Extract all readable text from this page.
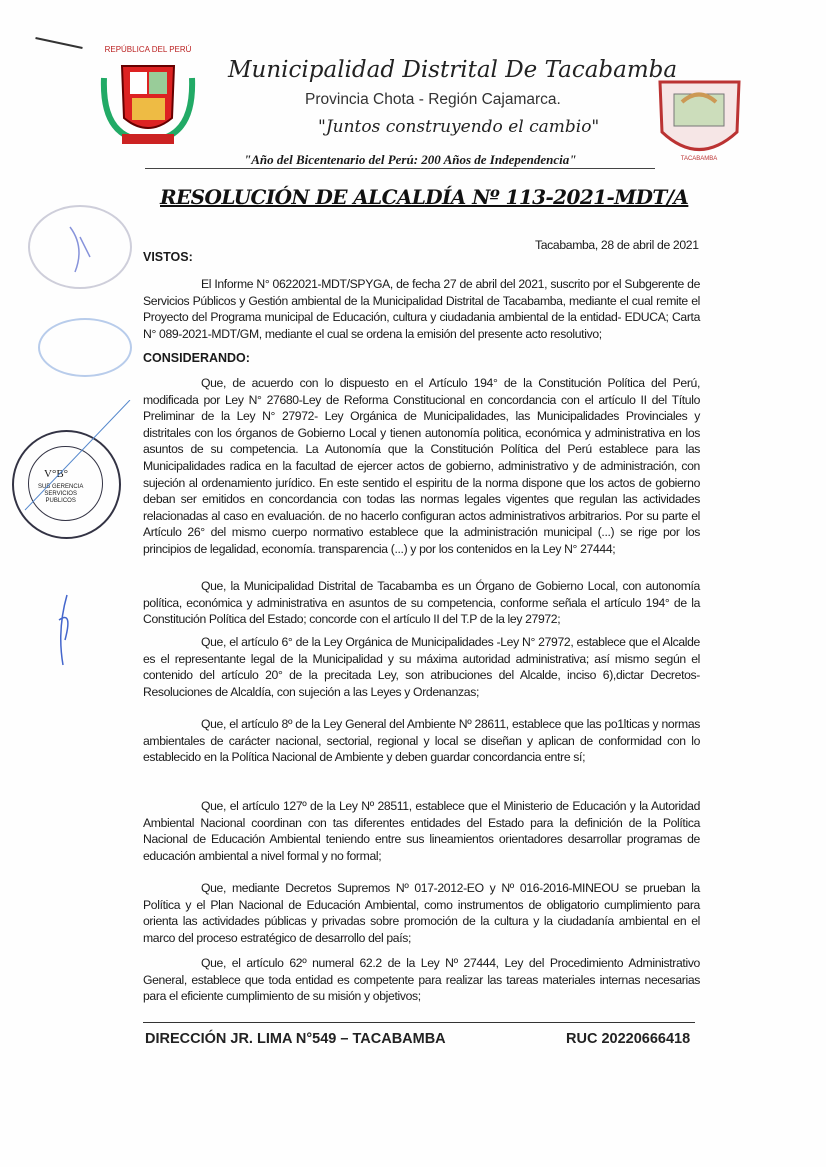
REPÚBLICA DEL PERÚ
TACABAMBA
Municipalidad Distrital De Tacabamba
Provincia Chota - Región Cajamarca.
"Juntos construyendo el cambio"
"Año del Bicentenario del Perú: 200 Años de Independencia"
RESOLUCIÓN DE ALCALDÍA Nº 113-2021-MDT/A
Tacabamba, 28 de abril de 2021
V°B°
SUB GERENCIA
SERVICIOS
PUBLICOS
VISTOS:
El Informe N° 0622021-MDT/SPYGA, de fecha 27 de abril del 2021, suscrito por el Subgerente de Servicios Públicos y Gestión ambiental de la Municipalidad Distrital de Tacabamba, mediante el cual remite el Proyecto del Programa municipal de Educación, cultura y ciudadania ambiental de la entidad- EDUCA; Carta N° 089-2021-MDT/GM, mediante el cual se ordena la emisión del presente acto resolutivo;
CONSIDERANDO:
Que, de acuerdo con lo dispuesto en el Artículo 194° de la Constitución Política del Perú, modificada por Ley N° 27680-Ley de Reforma Constitucional en concordancia con el artículo II del Título Preliminar de la Ley N° 27972- Ley Orgánica de Municipalidades, las Municipalidades Provinciales y distritales con los órganos de Gobierno Local y tienen autonomía politica, económica y administrativa en los asuntos de su competencia. La Autonomía que la Constitución Política del Perú establece para las Municipalidades radica en la facultad de ejercer actos de gobierno, administrativo y de administración, con sujeción al ordenamiento jurídico. En este sentido el espiritu de la norma dispone que los actos de gobierno deban ser emitidos en concordancia con todas las normas legales vigentes que regulan las actividades relacionadas al caso en evaluación. de no hacerlo configuran actos administrativos arbitrarios. Por su parte el Artículo 26° del mismo cuerpo normativo establece que la administración municipal (...) se rige por los principios de legalidad, economía. transparencia (...) y por los contenidos en la Ley N° 27444;
Que, la Municipalidad Distrital de Tacabamba es un Órgano de Gobierno Local, con autonomía política, económica y administrativa en asuntos de su competencia, conforme señala el artículo 194° de la Constitución Política del Estado; concorde con el artículo II del T.P de la ley 27972;
Que, el artículo 6° de la Ley Orgánica de Municipalidades -Ley N° 27972, establece que el Alcalde es el representante legal de la Municipalidad y su máxima autoridad administrativa; así mismo según el contenido del artículo 20° de la precitada Ley, son atribuciones del Alcalde, inciso 6),dictar Decretos-Resoluciones de Alcaldía, con sujeción a las Leyes y Ordenanzas;
Que, el artículo 8º de la Ley General del Ambiente Nº 28611, establece que las po1lticas y normas ambientales de carácter nacional, sectorial, regional y local se diseñan y aplican de conformidad con lo establecido en la Política Nacional de Ambiente y deben guardar concordancia entre sí;
Que, el artículo 127º de la Ley Nº 28511, establece que el Ministerio de Educación y la Autoridad Ambiental Nacional coordinan con tas diferentes entidades del Estado para la definición de la Política Nacional de Educación Ambiental teniendo entre sus lineamientos orientadores desarrollar programas de educación ambiental a nivel formal y no formal;
Que, mediante Decretos Supremos Nº 017-2012-EO y Nº 016-2016-MINEOU se prueban la Política y el Plan Nacional de Educación Ambiental, como instrumentos de obligatorio cumplimiento para orienta las actividades públicas y privadas sobre promoción de la cultura y la ciudadanía ambiental en el marco del proceso estratégico de desarrollo del país;
Que, el artículo 62º numeral 62.2 de la Ley Nº 27444, Ley del Procedimiento Administrativo General, establece que toda entidad es competente para realizar las tareas materiales internas necesarias para el eficiente cumplimiento de su misión y objetivos;
DIRECCIÓN JR. LIMA N°549 – TACABAMBA	RUC 20220666418
